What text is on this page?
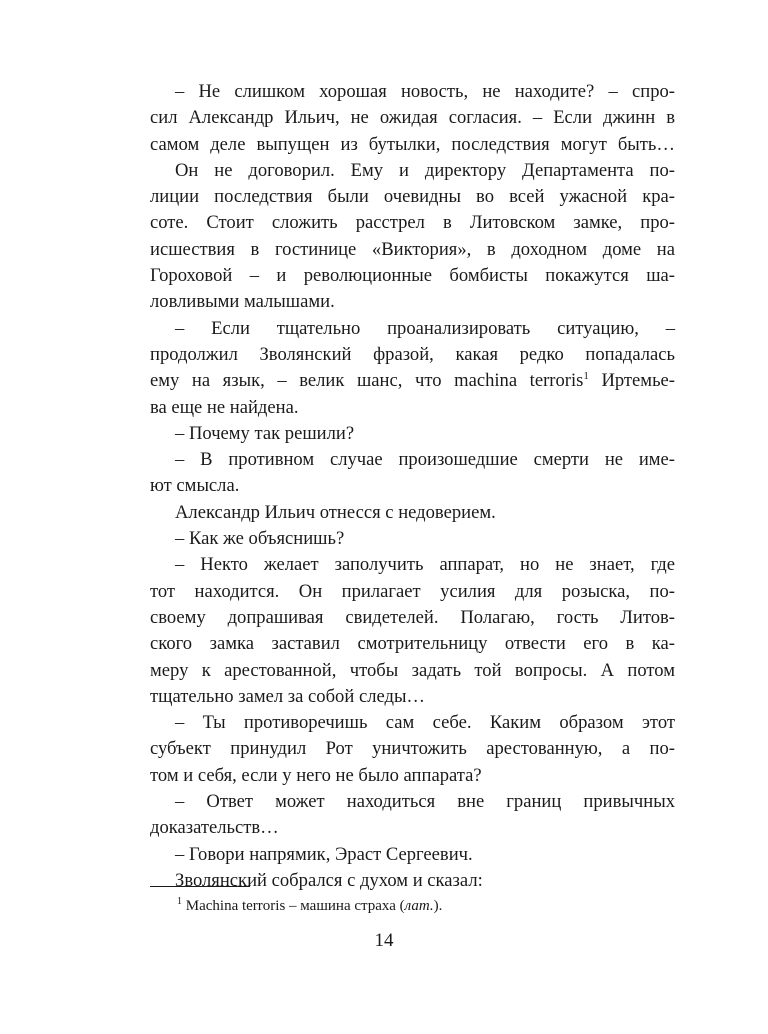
– Не слишком хорошая новость, не находите? – спро-
сил Александр Ильич, не ожидая согласия. – Если джинн в
самом деле выпущен из бутылки, последствия могут быть…
Он не договорил. Ему и директору Департамента по-
лиции последствия были очевидны во всей ужасной кра-
соте. Стоит сложить расстрел в Литовском замке, про-
исшествия в гостинице «Виктория», в доходном доме на
Гороховой – и революционные бомбисты покажутся ша-
ловливыми малышами.
– Если тщательно проанализировать ситуацию, –
продолжил Зволянский фразой, какая редко попадалась
ему на язык, – велик шанс, что machina terroris$^1$ Иртемье-
ва еще не найдена.
– Почему так решили?
– В противном случае произошедшие смерти не име-
ют смысла.
Александр Ильич отнесся с недоверием.
– Как же объяснишь?
– Некто желает заполучить аппарат, но не знает, где
тот находится. Он прилагает усилия для розыска, по-
своему допрашивая свидетелей. Полагаю, гость Литов-
ского замка заставил смотрительницу отвести его в ка-
меру к арестованной, чтобы задать той вопросы. А потом
тщательно замел за собой следы…
– Ты противоречишь сам себе. Каким образом этот
субъект принудил Рот уничтожить арестованную, а по-
том и себя, если у него не было аппарата?
– Ответ может находиться вне границ привычных
доказательств…
– Говори напрямик, Эраст Сергеевич.
Зволянский собрался с духом и сказал:
$^1$ Machina terroris – машина страха (лат.).
14
